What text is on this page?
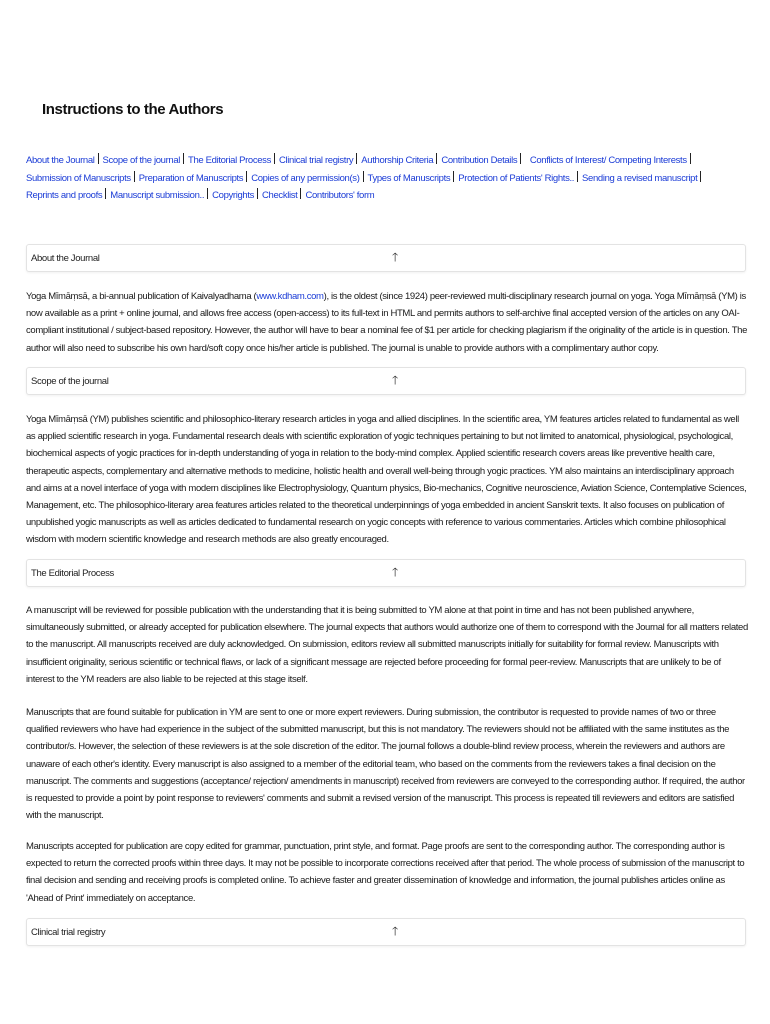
Instructions to the Authors
About the Journal Scope of the journal The Editorial Process Clinical trial registry Authorship Criteria Contribution Details Conflicts of Interest/ Competing InterestsSubmission of Manuscripts Preparation of Manuscripts Copies of any permission(s) Types of Manuscripts Protection of Patients' Rights.. Sending a revised manuscriptReprints and proofs Manuscript submission.. Copyrights Checklist Contributors' form
About the Journal	🡑

Yoga Mīmāṃsā, a bi-annual publication of Kaivalyadhama (www.kdham.com), is the oldest (since 1924) peer-reviewed multi-disciplinary research journal on yoga. Yoga Mīmāṃsā (YM) is now available as a print + online journal, and allows free access (open-access) to its full-text in HTML and permits authors to self-archive final accepted version of the articles on any OAI-compliant institutional / subject-based repository. However, the author will have to bear a nominal fee of $1 per article for checking plagiarism if the originality of the article is in question. The author will also need to subscribe his own hard/soft copy once his/her article is published. The journal is unable to provide authors with a complimentary author copy.

Scope of the journal	🡑

Yoga Mīmāṃsā (YM) publishes scientific and philosophico-literary research articles in yoga and allied disciplines. In the scientific area, YM features articles related to fundamental as well as applied scientific research in yoga. Fundamental research deals with scientific exploration of yogic techniques pertaining to but not limited to anatomical, physiological, psychological, biochemical aspects of yogic practices for in-depth understanding of yoga in relation to the body-mind complex. Applied scientific research covers areas like preventive health care, therapeutic aspects, complementary and alternative methods to medicine, holistic health and overall well-being through yogic practices. YM also maintains an interdisciplinary approach and aims at a novel interface of yoga with modern disciplines like Electrophysiology, Quantum physics, Bio-mechanics, Cognitive neuroscience, Aviation Science, Contemplative Sciences, Management, etc. The philosophico-literary area features articles related to the theoretical underpinnings of yoga embedded in ancient Sanskrit texts. It also focuses on publication of unpublished yogic manuscripts as well as articles dedicated to fundamental research on yogic concepts with reference to various commentaries. Articles which combine philosophical wisdom with modern scientific knowledge and research methods are also greatly encouraged.

The Editorial Process	🡑

A manuscript will be reviewed for possible publication with the understanding that it is being submitted to YM alone at that point in time and has not been published anywhere, simultaneously submitted, or already accepted for publication elsewhere. The journal expects that authors would authorize one of them to correspond with the Journal for all matters related to the manuscript. All manuscripts received are duly acknowledged. On submission, editors review all submitted manuscripts initially for suitability for formal review. Manuscripts with insufficient originality, serious scientific or technical flaws, or lack of a significant message are rejected before proceeding for formal peer-review. Manuscripts that are unlikely to be of interest to the YM readers are also liable to be rejected at this stage itself.

Manuscripts that are found suitable for publication in YM are sent to one or more expert reviewers. During submission, the contributor is requested to provide names of two or three qualified reviewers who have had experience in the subject of the submitted manuscript, but this is not mandatory. The reviewers should not be affiliated with the same institutes as the contributor/s. However, the selection of these reviewers is at the sole discretion of the editor. The journal follows a double-blind review process, wherein the reviewers and authors are unaware of each other's identity. Every manuscript is also assigned to a member of the editorial team, who based on the comments from the reviewers takes a final decision on the manuscript. The comments and suggestions (acceptance/ rejection/ amendments in manuscript) received from reviewers are conveyed to the corresponding author. If required, the author is requested to provide a point by point response to reviewers' comments and submit a revised version of the manuscript. This process is repeated till reviewers and editors are satisfied with the manuscript.

Manuscripts accepted for publication are copy edited for grammar, punctuation, print style, and format. Page proofs are sent to the corresponding author. The corresponding author is expected to return the corrected proofs within three days. It may not be possible to incorporate corrections received after that period. The whole process of submission of the manuscript to final decision and sending and receiving proofs is completed online. To achieve faster and greater dissemination of knowledge and information, the journal publishes articles online as 'Ahead of Print' immediately on acceptance.

Clinical trial registry	🡑
